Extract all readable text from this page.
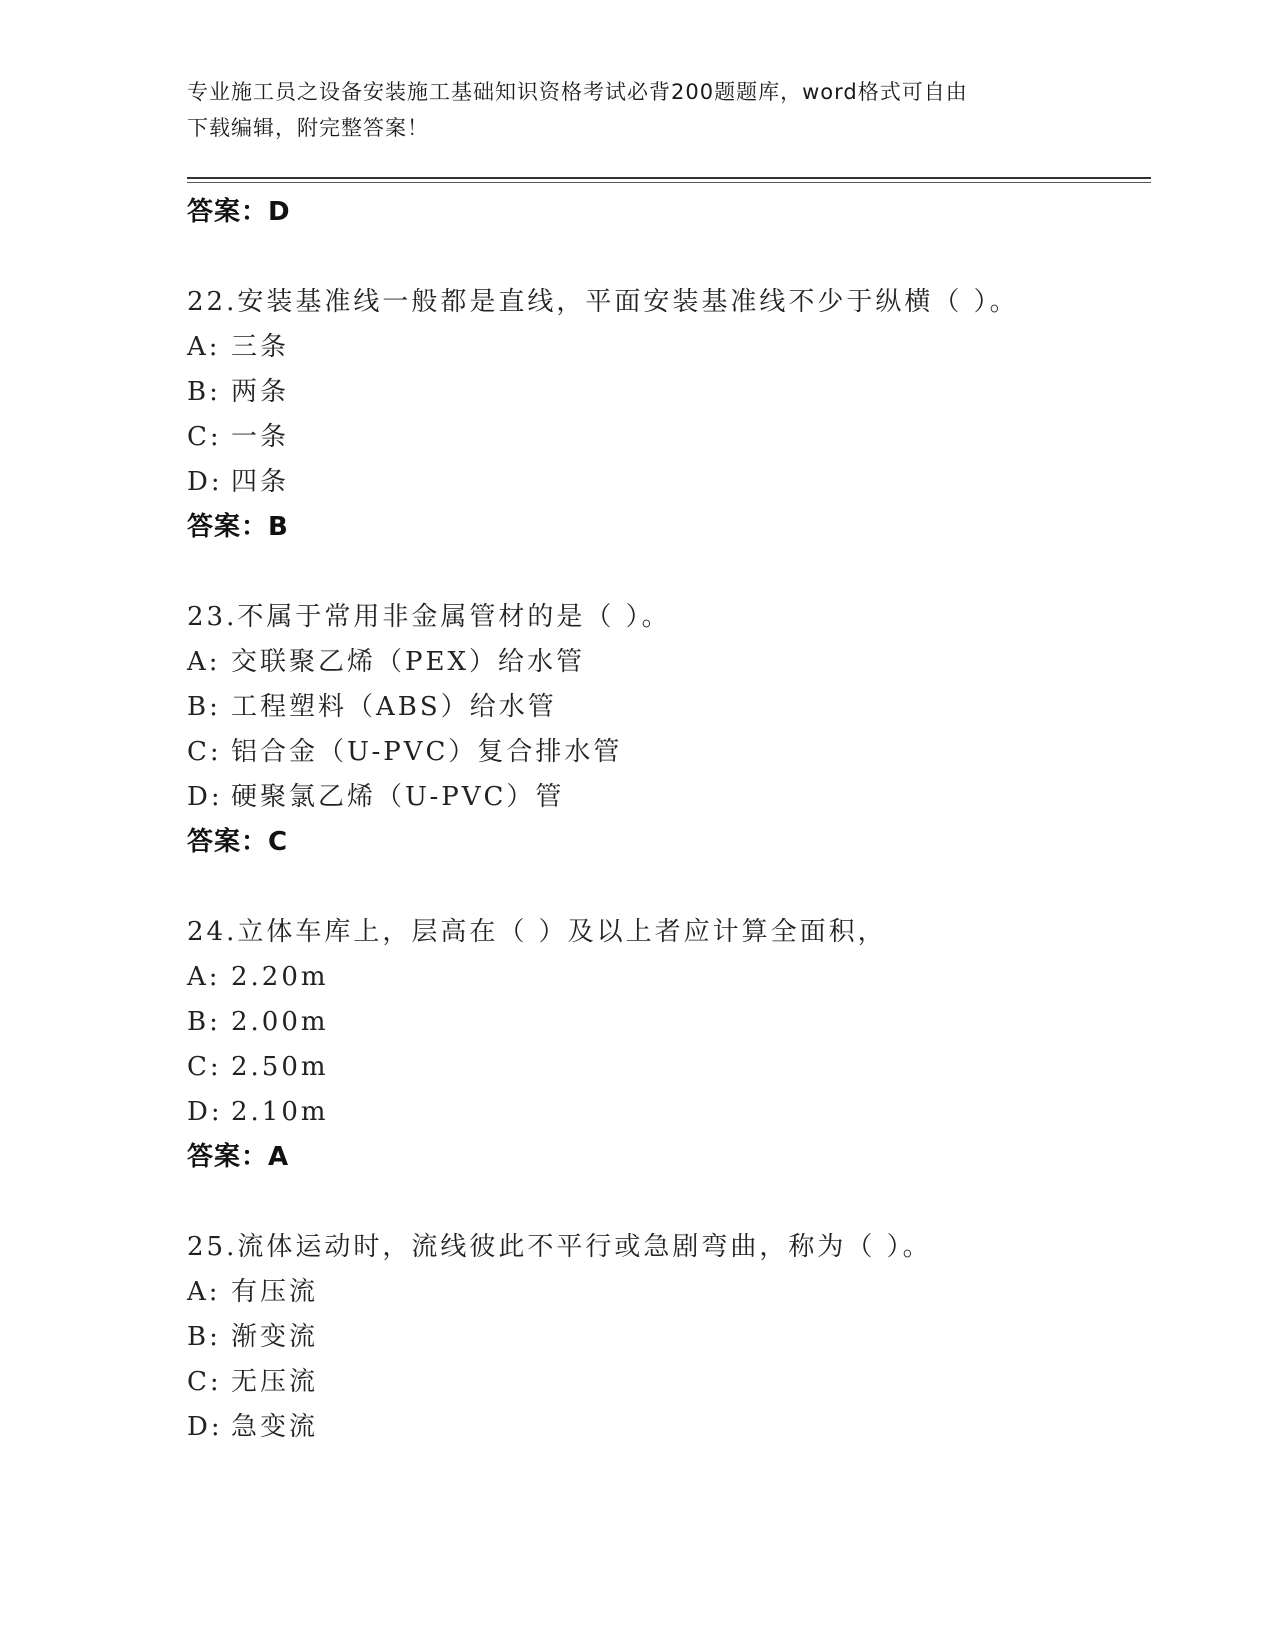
专业施工员之设备安装施工基础知识资格考试必背200题题库，word格式可自由
下载编辑，附完整答案！
答案：D
22.安装基准线一般都是直线，平面安装基准线不少于纵横（ ）。
A: 三条
B: 两条
C: 一条
D: 四条
答案：B
23.不属于常用非金属管材的是（ ）。
A: 交联聚乙烯（PEX）给水管
B: 工程塑料（ABS）给水管
C: 铝合金（U-PVC）复合排水管
D: 硬聚氯乙烯（U-PVC）管
答案：C
24.立体车库上，层高在（ ）及以上者应计算全面积，
A: 2.20m
B: 2.00m
C: 2.50m
D: 2.10m
答案：A
25.流体运动时，流线彼此不平行或急剧弯曲，称为（ ）。
A: 有压流
B: 渐变流
C: 无压流
D: 急变流
